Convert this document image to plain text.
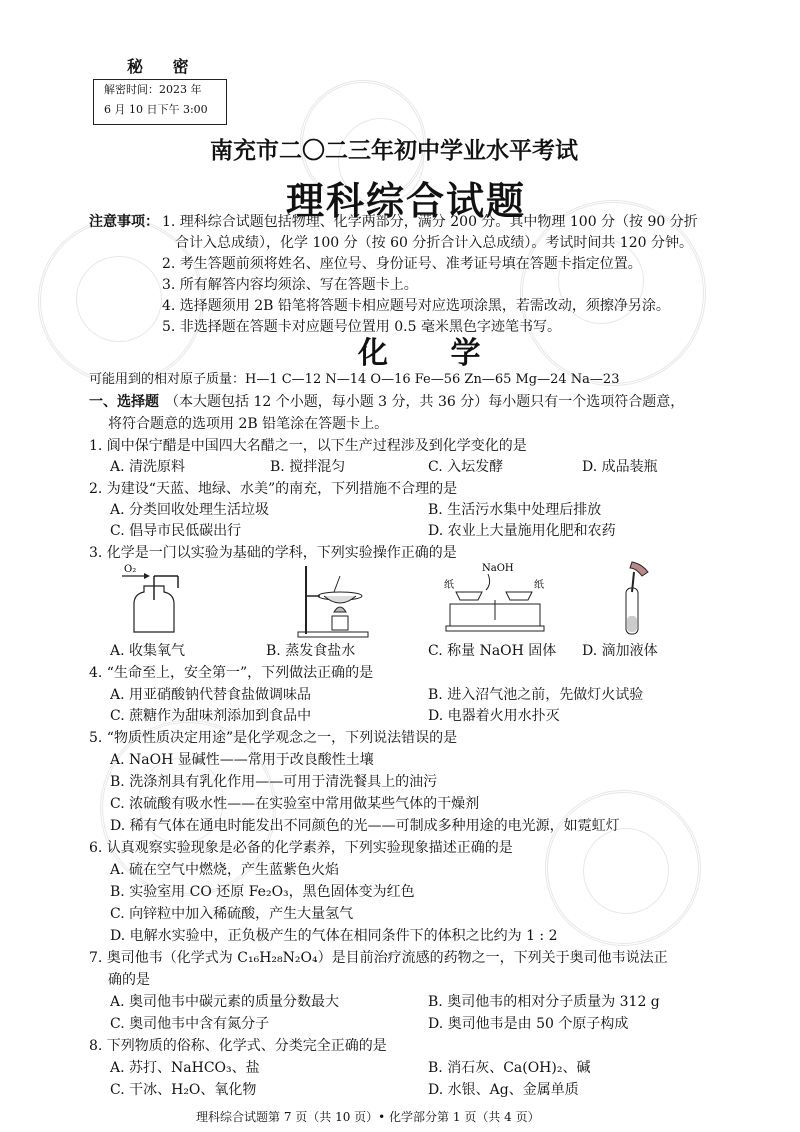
秘 密
解密时间：2023 年
6 月 10 日下午 3:00
南充市二〇二三年初中学业水平考试
理科综合试题
注意事项： 1. 理科综合试题包括物理、化学两部分，满分 200 分。其中物理 100 分（按 90 分折
合计入总成绩），化学 100 分（按 60 分折合计入总成绩）。考试时间共 120 分钟。
2. 考生答题前须将姓名、座位号、身份证号、准考证号填在答题卡指定位置。
3. 所有解答内容均须涂、写在答题卡上。
4. 选择题须用 2B 铅笔将答题卡相应题号对应选项涂黑，若需改动，须擦净另涂。
5. 非选择题在答题卡对应题号位置用 0.5 毫米黑色字迹笔书写。
化 学
可能用到的相对原子质量：H—1 C—12 N—14 O—16 Fe—56 Zn—65 Mg—24 Na—23
一、选择题 （本大题包括 12 个小题，每小题 3 分，共 36 分）每小题只有一个选项符合题意，
将符合题意的选项用 2B 铅笔涂在答题卡上。
1. 阆中保宁醋是中国四大名醋之一，以下生产过程涉及到化学变化的是
A. 清洗原料	B. 搅拌混匀	C. 入坛发酵	D. 成品装瓶
2. 为建设“天蓝、地绿、水美”的南充，下列措施不合理的是
A. 分类回收处理生活垃圾	B. 生活污水集中处理后排放
C. 倡导市民低碳出行	D. 农业上大量施用化肥和农药
3. 化学是一门以实验为基础的学科，下列实验操作正确的是
O₂	NaOH
纸	纸
A. 收集氧气	B. 蒸发食盐水	C. 称量 NaOH 固体 D. 滴加液体
4. “生命至上，安全第一”，下列做法正确的是
A. 用亚硝酸钠代替食盐做调味品	B. 进入沼气池之前，先做灯火试验
C. 蔗糖作为甜味剂添加到食品中	D. 电器着火用水扑灭
5. “物质性质决定用途”是化学观念之一，下列说法错误的是
A. NaOH 显碱性——常用于改良酸性土壤
B. 洗涤剂具有乳化作用——可用于清洗餐具上的油污
C. 浓硫酸有吸水性——在实验室中常用做某些气体的干燥剂
D. 稀有气体在通电时能发出不同颜色的光——可制成多种用途的电光源，如霓虹灯
6. 认真观察实验现象是必备的化学素养，下列实验现象描述正确的是
A. 硫在空气中燃烧，产生蓝紫色火焰
B. 实验室用 CO 还原 Fe₂O₃，黑色固体变为红色
C. 向锌粒中加入稀硫酸，产生大量氢气
D. 电解水实验中，正负极产生的气体在相同条件下的体积之比约为 1 : 2
7. 奥司他韦（化学式为 C₁₆H₂₈N₂O₄）是目前治疗流感的药物之一，下列关于奥司他韦说法正
确的是
A. 奥司他韦中碳元素的质量分数最大	B. 奥司他韦的相对分子质量为 312 g
C. 奥司他韦中含有氮分子	D. 奥司他韦是由 50 个原子构成
8. 下列物质的俗称、化学式、分类完全正确的是
A. 苏打、NaHCO₃、盐	B. 消石灰、Ca(OH)₂、碱
C. 干冰、H₂O、氧化物	D. 水银、Ag、金属单质
理科综合试题第 7 页（共 10 页）• 化学部分第 1 页（共 4 页）
